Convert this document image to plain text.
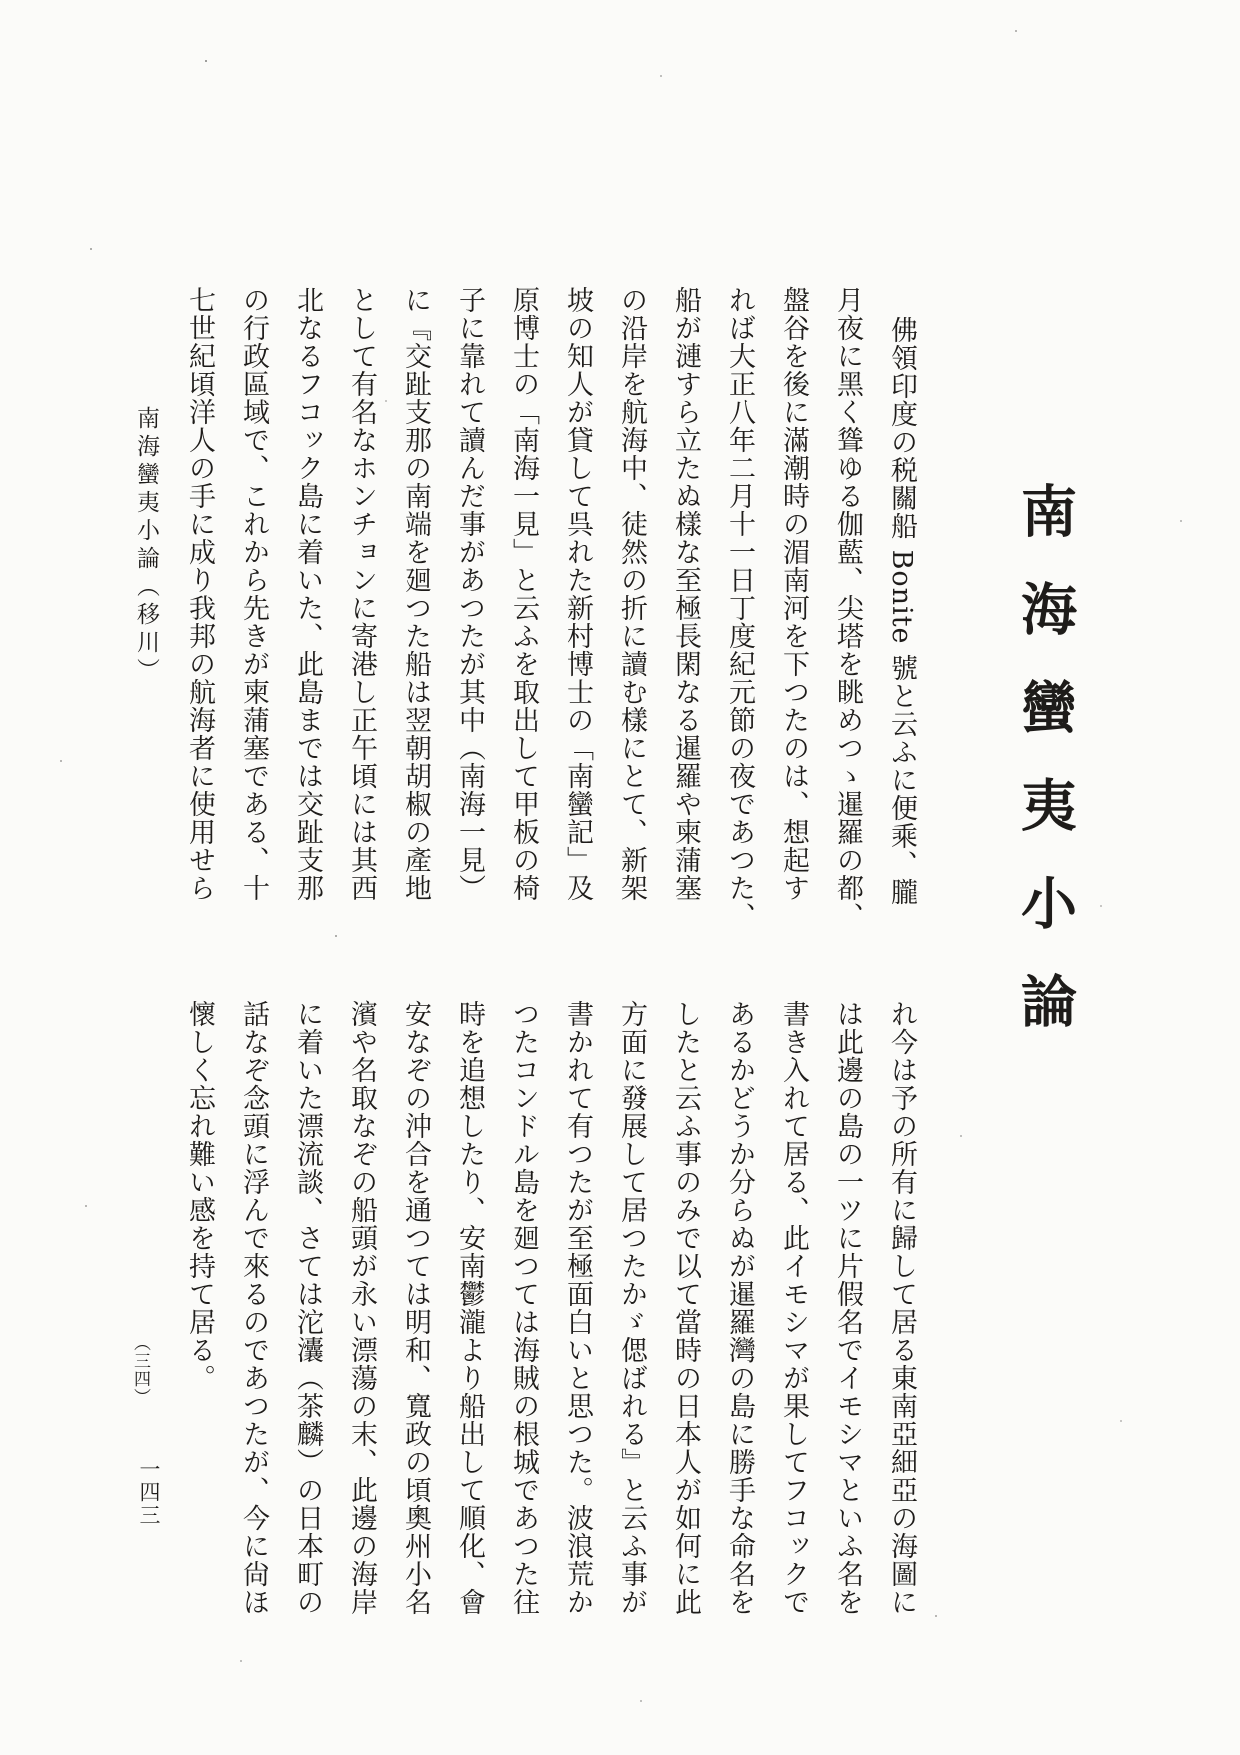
南海蠻夷小論
南海蠻夷小論（移川）	佛領印度の税關船 Bonite 號と云ふに便乘、朧
月夜に黑く聳ゆる伽藍、尖塔を眺めつゝ暹羅の都、
盤谷を後に滿潮時の湄南河を下つたのは、想起す
れば大正八年二月十一日丁度紀元節の夜であつた、
船が漣すら立たぬ樣な至極長閑なる暹羅や柬蒲塞
の沿岸を航海中、徒然の折に讀む樣にとて、新架
坡の知人が貸して呉れた新村博士の「南蠻記」及
原博士の「南海一見」と云ふを取出して甲板の椅
子に靠れて讀んだ事があつたが其中（南海一見）
に『交趾支那の南端を廻つた船は翌朝胡椒の產地
として有名なホンチョンに寄港し正午頃には其西
北なるフコック島に着いた、此島までは交趾支那
の行政區域で、これから先きが柬蒲塞である、十
七世紀頃洋人の手に成り我邦の航海者に使用せら
れ今は予の所有に歸して居る東南亞細亞の海圖に
は此邊の島の一ツに片假名でイモシマといふ名を
書き入れて居る、此イモシマが果してフコックで
あるかどうか分らぬが暹羅灣の島に勝手な命名を
したと云ふ事のみで以て當時の日本人が如何に此
方面に發展して居つたかゞ偲ばれる』と云ふ事が
書かれて有つたが至極面白いと思つた。波浪荒か
つたコンドル島を廻つては海賊の根城であつた往
時を追想したり、安南鬱瀧より船出して順化、會
安なぞの沖合を通つては明和、寬政の頃奧州小名
濱や名取なぞの船頭が永い漂蕩の末、此邊の海岸
に着いた漂流談、さては沱灢（茶麟）の日本町の
話なぞ念頭に浮んで來るのであつたが、今に尙ほ
懷しく忘れ難い感を持て居る。
（三四）
一四三
